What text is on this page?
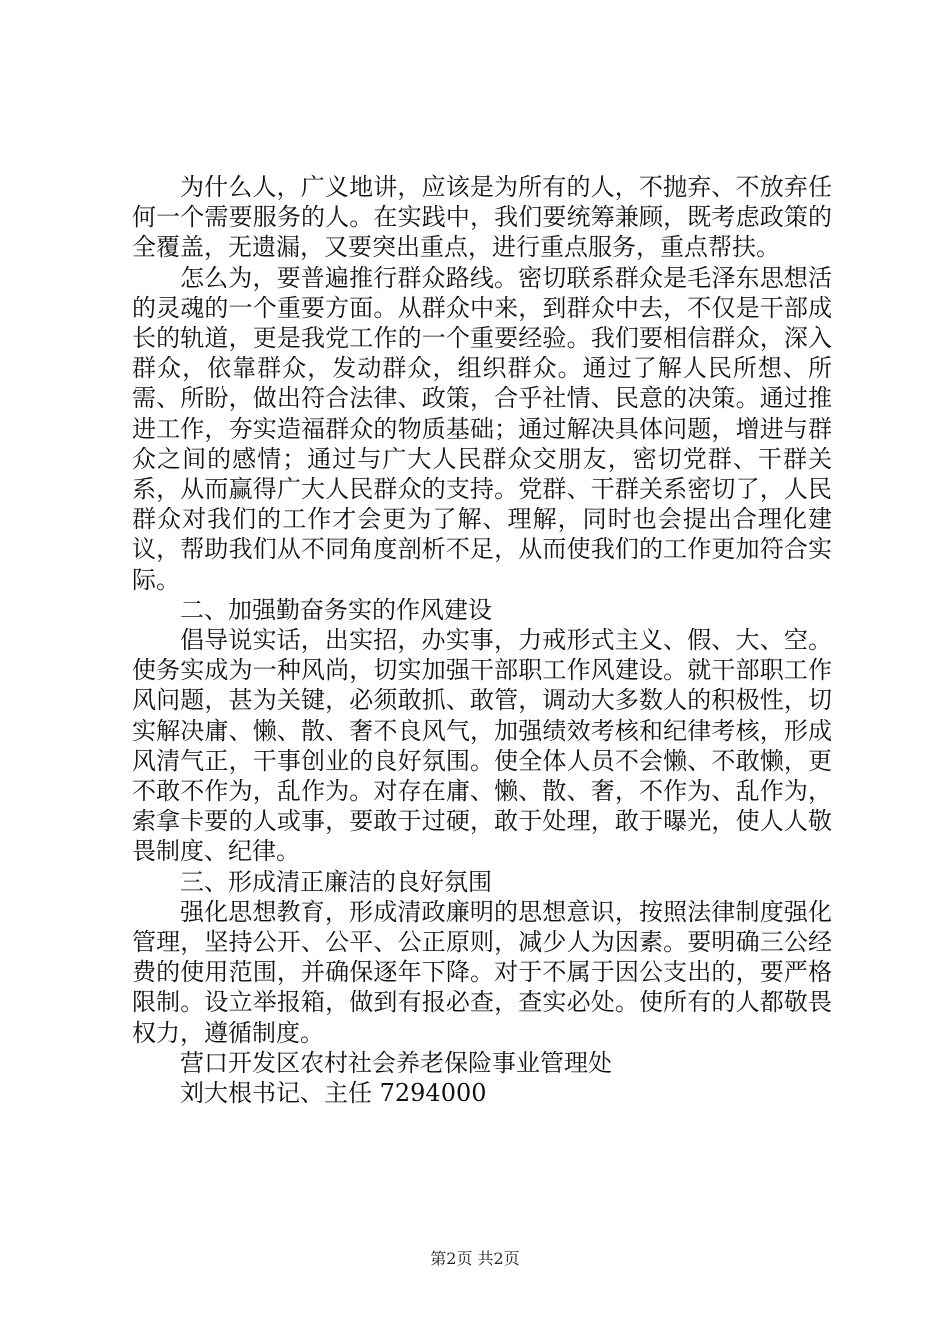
为什么人，广义地讲，应该是为所有的人，不抛弃、不放弃任何一个需要服务的人。在实践中，我们要统筹兼顾，既考虑政策的全覆盖，无遗漏，又要突出重点，进行重点服务，重点帮扶。

怎么为，要普遍推行群众路线。密切联系群众是毛泽东思想活的灵魂的一个重要方面。从群众中来，到群众中去，不仅是干部成长的轨道，更是我党工作的一个重要经验。我们要相信群众，深入群众，依靠群众，发动群众，组织群众。通过了解人民所想、所需、所盼，做出符合法律、政策，合乎社情、民意的决策。通过推进工作，夯实造福群众的物质基础；通过解决具体问题，增进与群众之间的感情；通过与广大人民群众交朋友，密切党群、干群关系，从而赢得广大人民群众的支持。党群、干群关系密切了，人民群众对我们的工作才会更为了解、理解，同时也会提出合理化建议，帮助我们从不同角度剖析不足，从而使我们的工作更加符合实际。

二、加强勤奋务实的作风建设

倡导说实话，出实招，办实事，力戒形式主义、假、大、空。使务实成为一种风尚，切实加强干部职工作风建设。就干部职工作风问题，甚为关键，必须敢抓、敢管，调动大多数人的积极性，切实解决庸、懒、散、奢不良风气，加强绩效考核和纪律考核，形成风清气正，干事创业的良好氛围。使全体人员不会懒、不敢懒，更不敢不作为，乱作为。对存在庸、懒、散、奢，不作为、乱作为，索拿卡要的人或事，要敢于过硬，敢于处理，敢于曝光，使人人敬畏制度、纪律。

三、形成清正廉洁的良好氛围

强化思想教育，形成清政廉明的思想意识，按照法律制度强化管理，坚持公开、公平、公正原则，减少人为因素。要明确三公经费的使用范围，并确保逐年下降。对于不属于因公支出的，要严格限制。设立举报箱，做到有报必查，查实必处。使所有的人都敬畏权力，遵循制度。

营口开发区农村社会养老保险事业管理处

刘大根书记、主任 7294000

第2页 共2页
